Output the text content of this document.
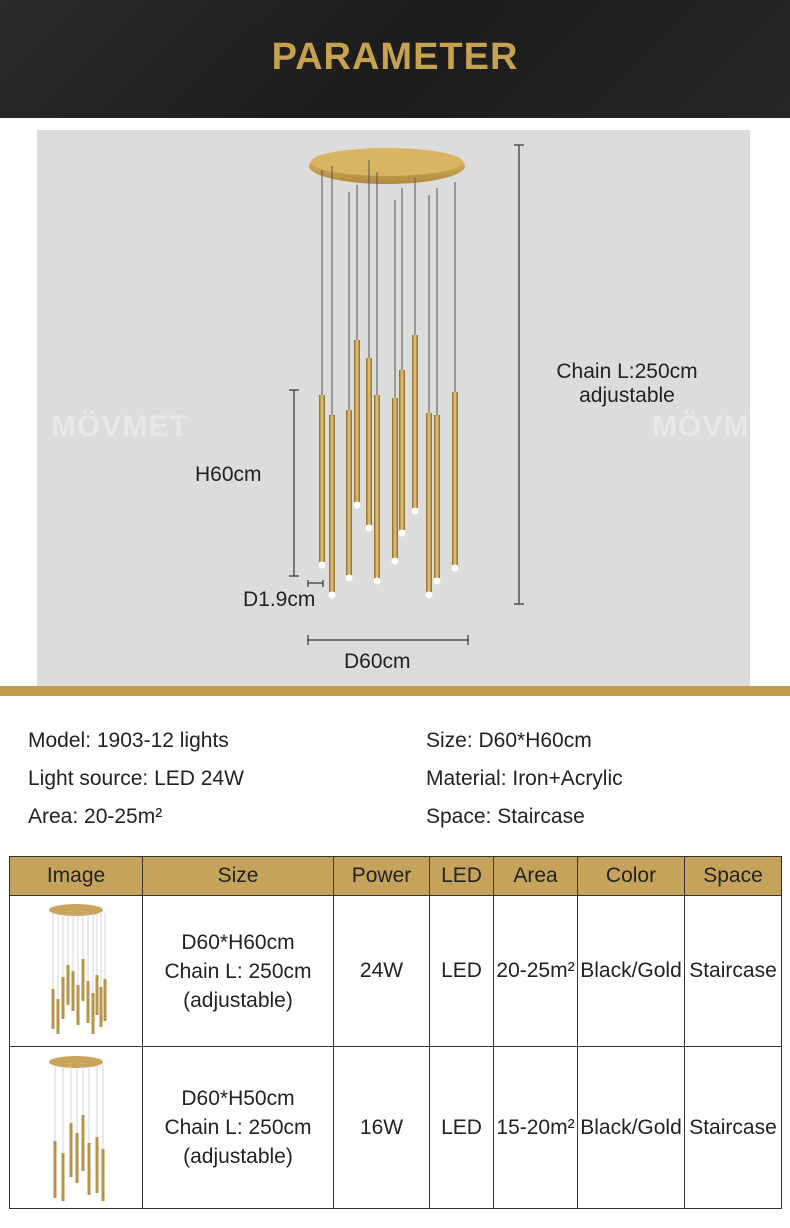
PARAMETER
MÖVMET	MÖVMET
Chain L:250cm
adjustable
H60cm
D1.9cm
D60cm
Model: 1903-12 lights
Light source: LED 24W
Area: 20-25m²
Size: D60*H60cm
Material: Iron+Acrylic
Space: Staircase
Image	Size	Power	LED	Area	Color	Space

D60*H60cm
Chain L: 250cm
(adjustable)	24W	LED	20-25m²	Black/Gold	Staircase

D60*H50cm
Chain L: 250cm
(adjustable)	16W	LED	15-20m²	Black/Gold	Staircase
